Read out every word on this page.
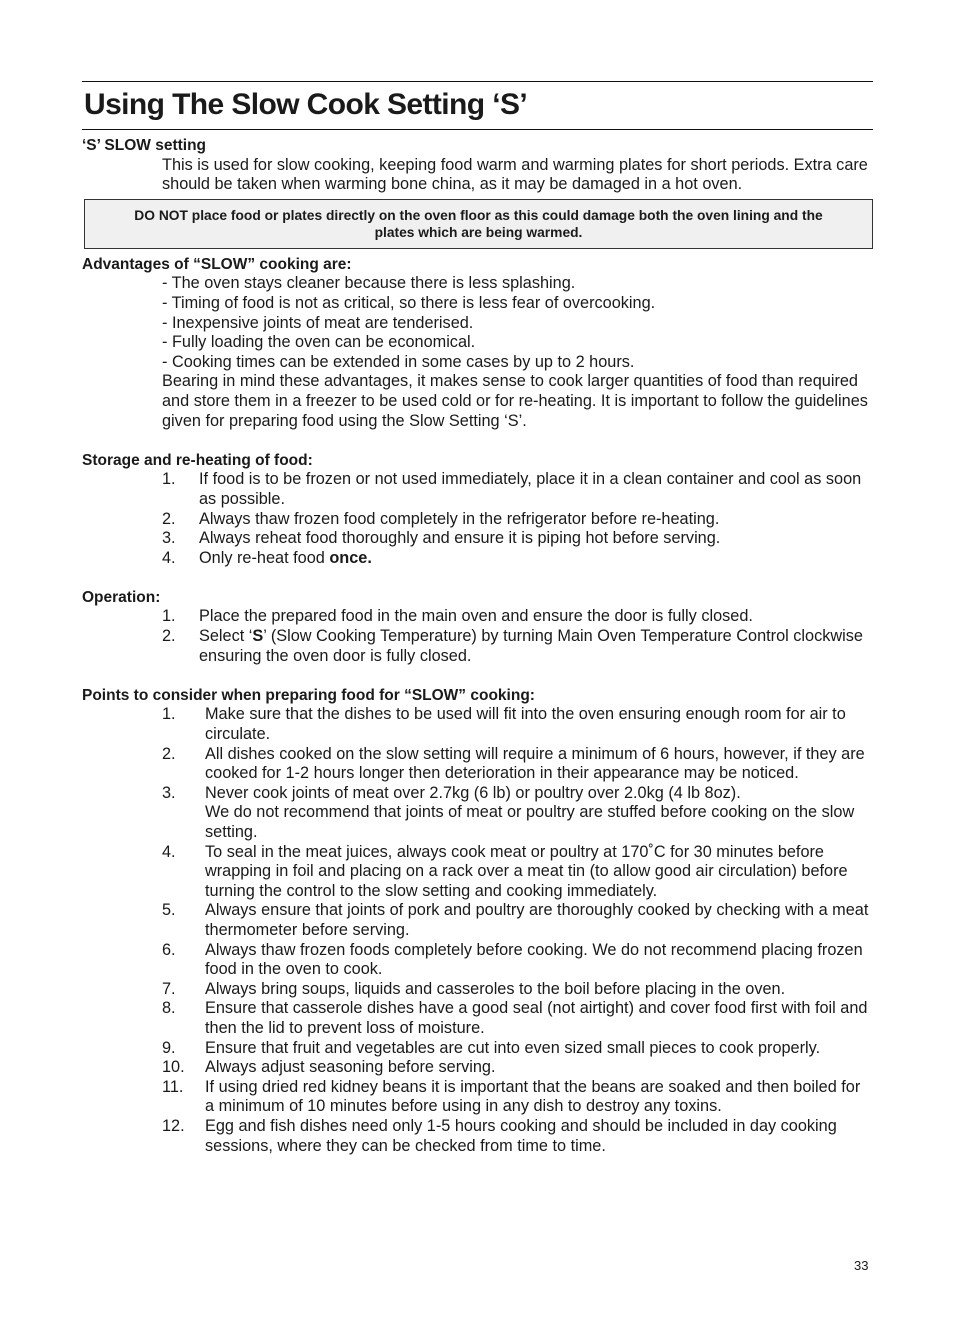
Using The Slow Cook Setting ‘S’
‘S’ SLOW setting
This is used for slow cooking, keeping food warm and warming plates for short periods. Extra care should be taken when warming bone china, as it may be damaged in a hot oven.
DO NOT place food or plates directly on the oven floor as this could damage both the oven lining and the plates which are being warmed.
Advantages of “SLOW” cooking are:
- The oven stays cleaner because there is less splashing.
- Timing of food is not as critical, so there is less fear of overcooking.
- Inexpensive joints of meat are tenderised.
- Fully loading the oven can be economical.
- Cooking times can be extended in some cases by up to 2 hours.
Bearing in mind these advantages, it makes sense to cook larger quantities of food than required and store them in a freezer to be used cold or for re-heating. It is important to follow the guidelines given for preparing food using the Slow Setting ‘S’.
Storage and re-heating of food:
1.	If food is to be frozen or not used immediately, place it in a clean container and cool as soon as possible.
2.	Always thaw frozen food completely in the refrigerator before re-heating.
3.	Always reheat food thoroughly and ensure it is piping hot before serving.
4.	Only re-heat food once.
Operation:
1.	Place the prepared food in the main oven and ensure the door is fully closed.
2.	Select ‘S’ (Slow Cooking Temperature) by turning Main Oven Temperature Control clockwise ensuring the oven door is fully closed.
Points to consider when preparing food for “SLOW” cooking:
1.	Make sure that the dishes to be used will fit into the oven ensuring enough room for air to circulate.
2.	All dishes cooked on the slow setting will require a minimum of 6 hours, however, if they are cooked for 1-2 hours longer then deterioration in their appearance may be noticed.
3.	Never cook joints of meat over 2.7kg (6 lb) or poultry over 2.0kg (4 lb 8oz).
We do not recommend that joints of meat or poultry are stuffed before cooking on the slow setting.
4.	To seal in the meat juices, always cook meat or poultry at 170˚C for 30 minutes before wrapping in foil and placing on a rack over a meat tin (to allow good air circulation) before turning the control to the slow setting and cooking immediately.
5.	Always ensure that joints of pork and poultry are thoroughly cooked by checking with a meat thermometer before serving.
6.	Always thaw frozen foods completely before cooking. We do not recommend placing frozen food in the oven to cook.
7.	Always bring soups, liquids and casseroles to the boil before placing in the oven.
8.	Ensure that casserole dishes have a good seal (not airtight) and cover food first with foil and then the lid to prevent loss of moisture.
9.	Ensure that fruit and vegetables are cut into even sized small pieces to cook properly.
10.	Always adjust seasoning before serving.
11.	If using dried red kidney beans it is important that the beans are soaked and then boiled for a minimum of 10 minutes before using in any dish to destroy any toxins.
12.	Egg and fish dishes need only 1-5 hours cooking and should be included in day cooking sessions, where they can be checked from time to time.
33
